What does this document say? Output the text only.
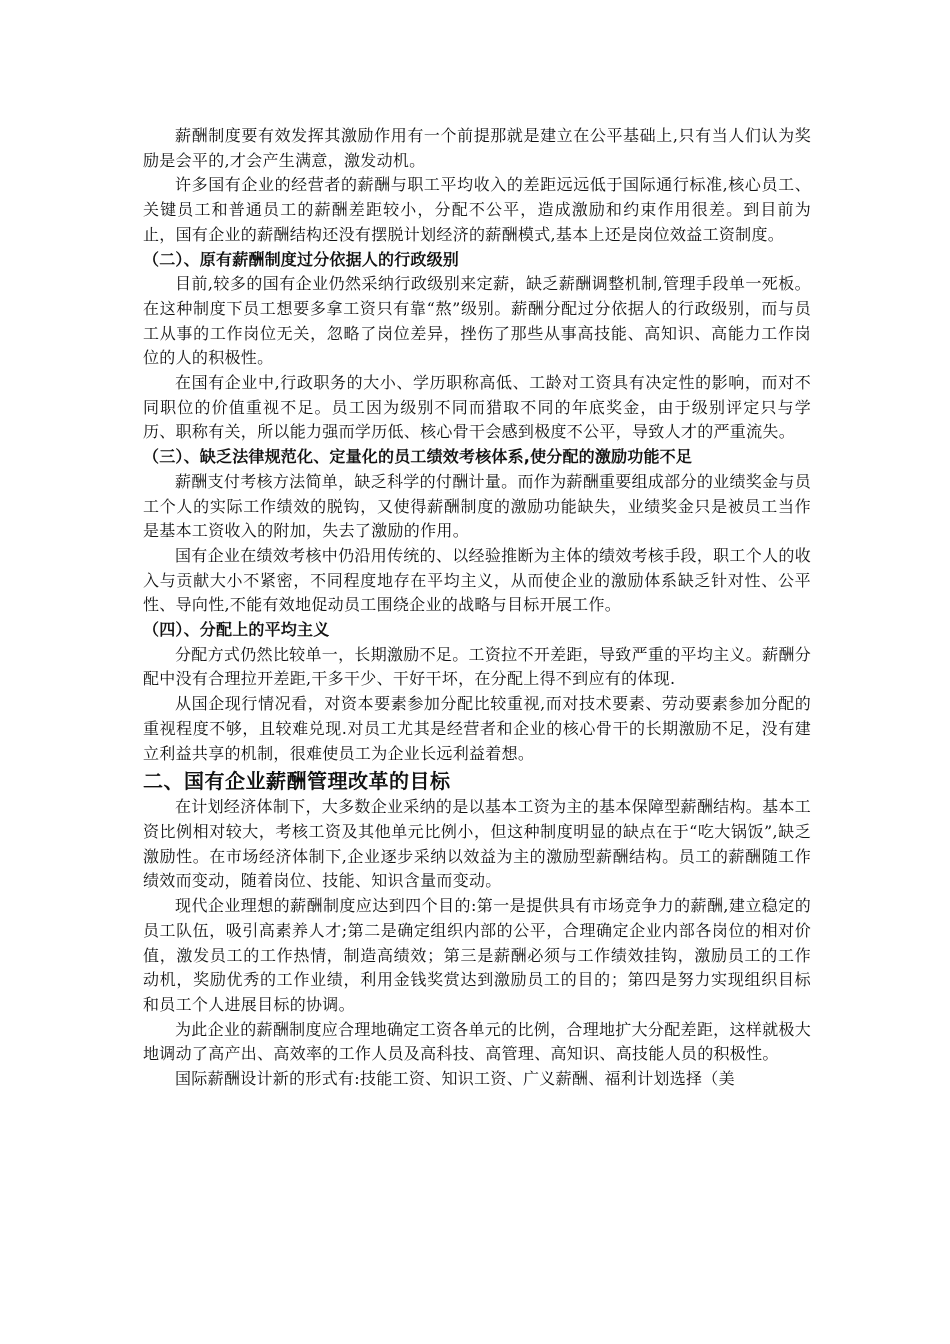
薪酬制度要有效发挥其激励作用有一个前提那就是建立在公平基础上,只有当人们认为奖励是会平的,才会产生满意，激发动机。

许多国有企业的经营者的薪酬与职工平均收入的差距远远低于国际通行标准,核心员工、关键员工和普通员工的薪酬差距较小，分配不公平，造成激励和约束作用很差。到目前为止，国有企业的薪酬结构还没有摆脱计划经济的薪酬模式,基本上还是岗位效益工资制度。

（二）、原有薪酬制度过分依据人的行政级别

目前,较多的国有企业仍然采纳行政级别来定薪，缺乏薪酬调整机制,管理手段单一死板。在这种制度下员工想要多拿工资只有靠“熬”级别。薪酬分配过分依据人的行政级别，而与员工从事的工作岗位无关，忽略了岗位差异，挫伤了那些从事高技能、高知识、高能力工作岗位的人的积极性。

在国有企业中,行政职务的大小、学历职称高低、工龄对工资具有决定性的影响，而对不同职位的价值重视不足。员工因为级别不同而猎取不同的年底奖金，由于级别评定只与学历、职称有关，所以能力强而学历低、核心骨干会感到极度不公平，导致人才的严重流失。

（三）、缺乏法律规范化、定量化的员工绩效考核体系,使分配的激励功能不足

薪酬支付考核方法简单，缺乏科学的付酬计量。而作为薪酬重要组成部分的业绩奖金与员工个人的实际工作绩效的脱钩，又使得薪酬制度的激励功能缺失，业绩奖金只是被员工当作是基本工资收入的附加，失去了激励的作用。

国有企业在绩效考核中仍沿用传统的、以经验推断为主体的绩效考核手段，职工个人的收入与贡献大小不紧密，不同程度地存在平均主义，从而使企业的激励体系缺乏针对性、公平性、导向性,不能有效地促动员工围绕企业的战略与目标开展工作。

（四）、分配上的平均主义

分配方式仍然比较单一，长期激励不足。工资拉不开差距，导致严重的平均主义。薪酬分配中没有合理拉开差距,干多干少、干好干坏，在分配上得不到应有的体现.

从国企现行情况看，对资本要素参加分配比较重视,而对技术要素、劳动要素参加分配的重视程度不够，且较难兑现.对员工尤其是经营者和企业的核心骨干的长期激励不足，没有建立利益共享的机制，很难使员工为企业长远利益着想。

二、国有企业薪酬管理改革的目标

在计划经济体制下，大多数企业采纳的是以基本工资为主的基本保障型薪酬结构。基本工资比例相对较大，考核工资及其他单元比例小，但这种制度明显的缺点在于“吃大锅饭”,缺乏激励性。在市场经济体制下,企业逐步采纳以效益为主的激励型薪酬结构。员工的薪酬随工作绩效而变动，随着岗位、技能、知识含量而变动。

现代企业理想的薪酬制度应达到四个目的:第一是提供具有市场竞争力的薪酬,建立稳定的员工队伍，吸引高素养人才;第二是确定组织内部的公平，合理确定企业内部各岗位的相对价值，激发员工的工作热情，制造高绩效；第三是薪酬必须与工作绩效挂钩，激励员工的工作动机，奖励优秀的工作业绩，利用金钱奖赏达到激励员工的目的；第四是努力实现组织目标和员工个人进展目标的协调。

为此企业的薪酬制度应合理地确定工资各单元的比例，合理地扩大分配差距，这样就极大地调动了高产出、高效率的工作人员及高科技、高管理、高知识、高技能人员的积极性。

国际薪酬设计新的形式有:技能工资、知识工资、广义薪酬、福利计划选择（美
